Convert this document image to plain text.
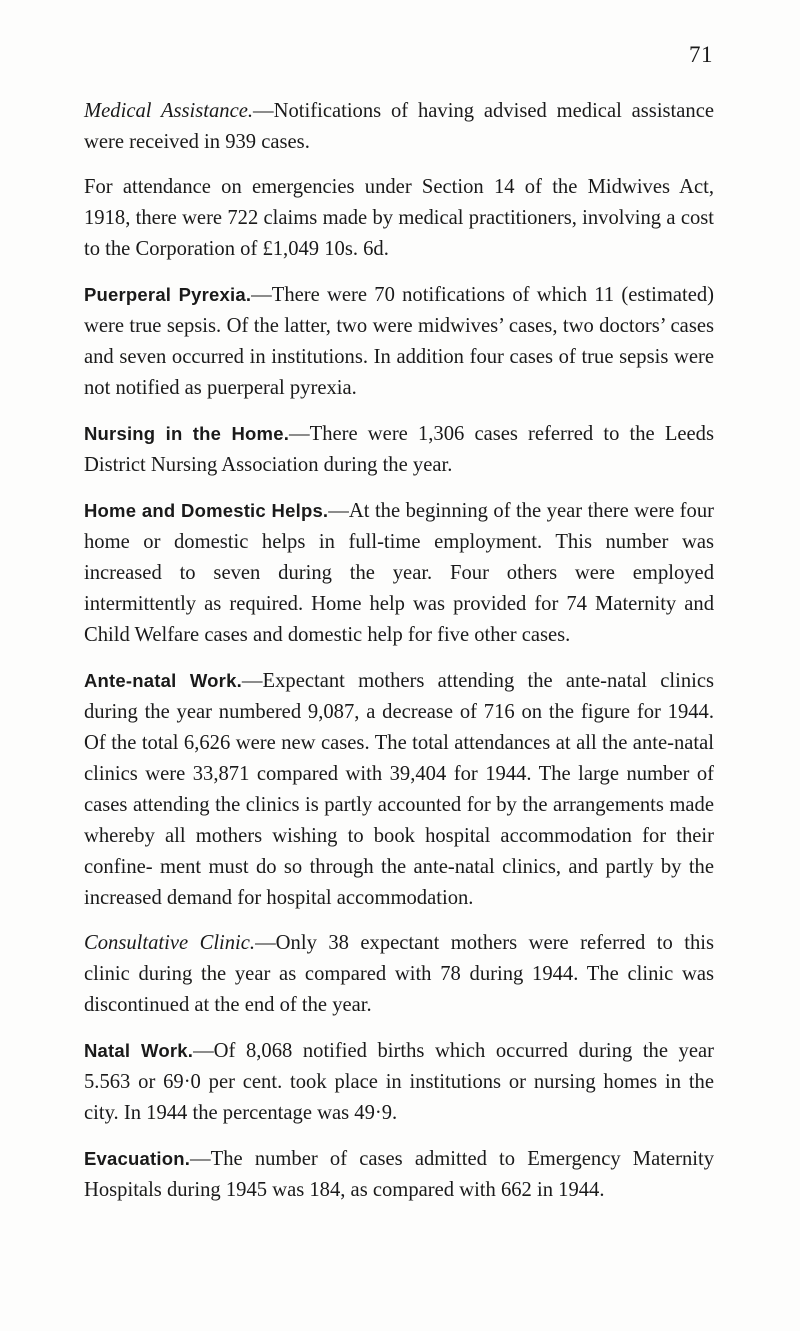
71

Medical Assistance.—Notifications of having advised medical assistance were received in 939 cases.

For attendance on emergencies under Section 14 of the Midwives Act, 1918, there were 722 claims made by medical practitioners, involving a cost to the Corporation of £1,049 10s. 6d.

Puerperal Pyrexia.—There were 70 notifications of which 11 (estimated) were true sepsis. Of the latter, two were midwives’ cases, two doctors’ cases and seven occurred in institutions. In addition four cases of true sepsis were not notified as puerperal pyrexia.

Nursing in the Home.—There were 1,306 cases referred to the Leeds District Nursing Association during the year.

Home and Domestic Helps.—At the beginning of the year there were four home or domestic helps in full-time employment. This number was increased to seven during the year. Four others were employed intermittently as required. Home help was provided for 74 Maternity and Child Welfare cases and domestic help for five other cases.

Ante-natal Work.—Expectant mothers attending the ante-natal clinics during the year numbered 9,087, a decrease of 716 on the figure for 1944. Of the total 6,626 were new cases. The total attendances at all the ante-natal clinics were 33,871 compared with 39,404 for 1944. The large number of cases attending the clinics is partly accounted for by the arrangements made whereby all mothers wishing to book hospital accommodation for their confine- ment must do so through the ante-natal clinics, and partly by the increased demand for hospital accommodation.

Consultative Clinic.—Only 38 expectant mothers were referred to this clinic during the year as compared with 78 during 1944. The clinic was discontinued at the end of the year.

Natal Work.—Of 8,068 notified births which occurred during the year 5.563 or 69·0 per cent. took place in institutions or nursing homes in the city. In 1944 the percentage was 49·9.

Evacuation.—The number of cases admitted to Emergency Maternity Hospitals during 1945 was 184, as compared with 662 in 1944.
